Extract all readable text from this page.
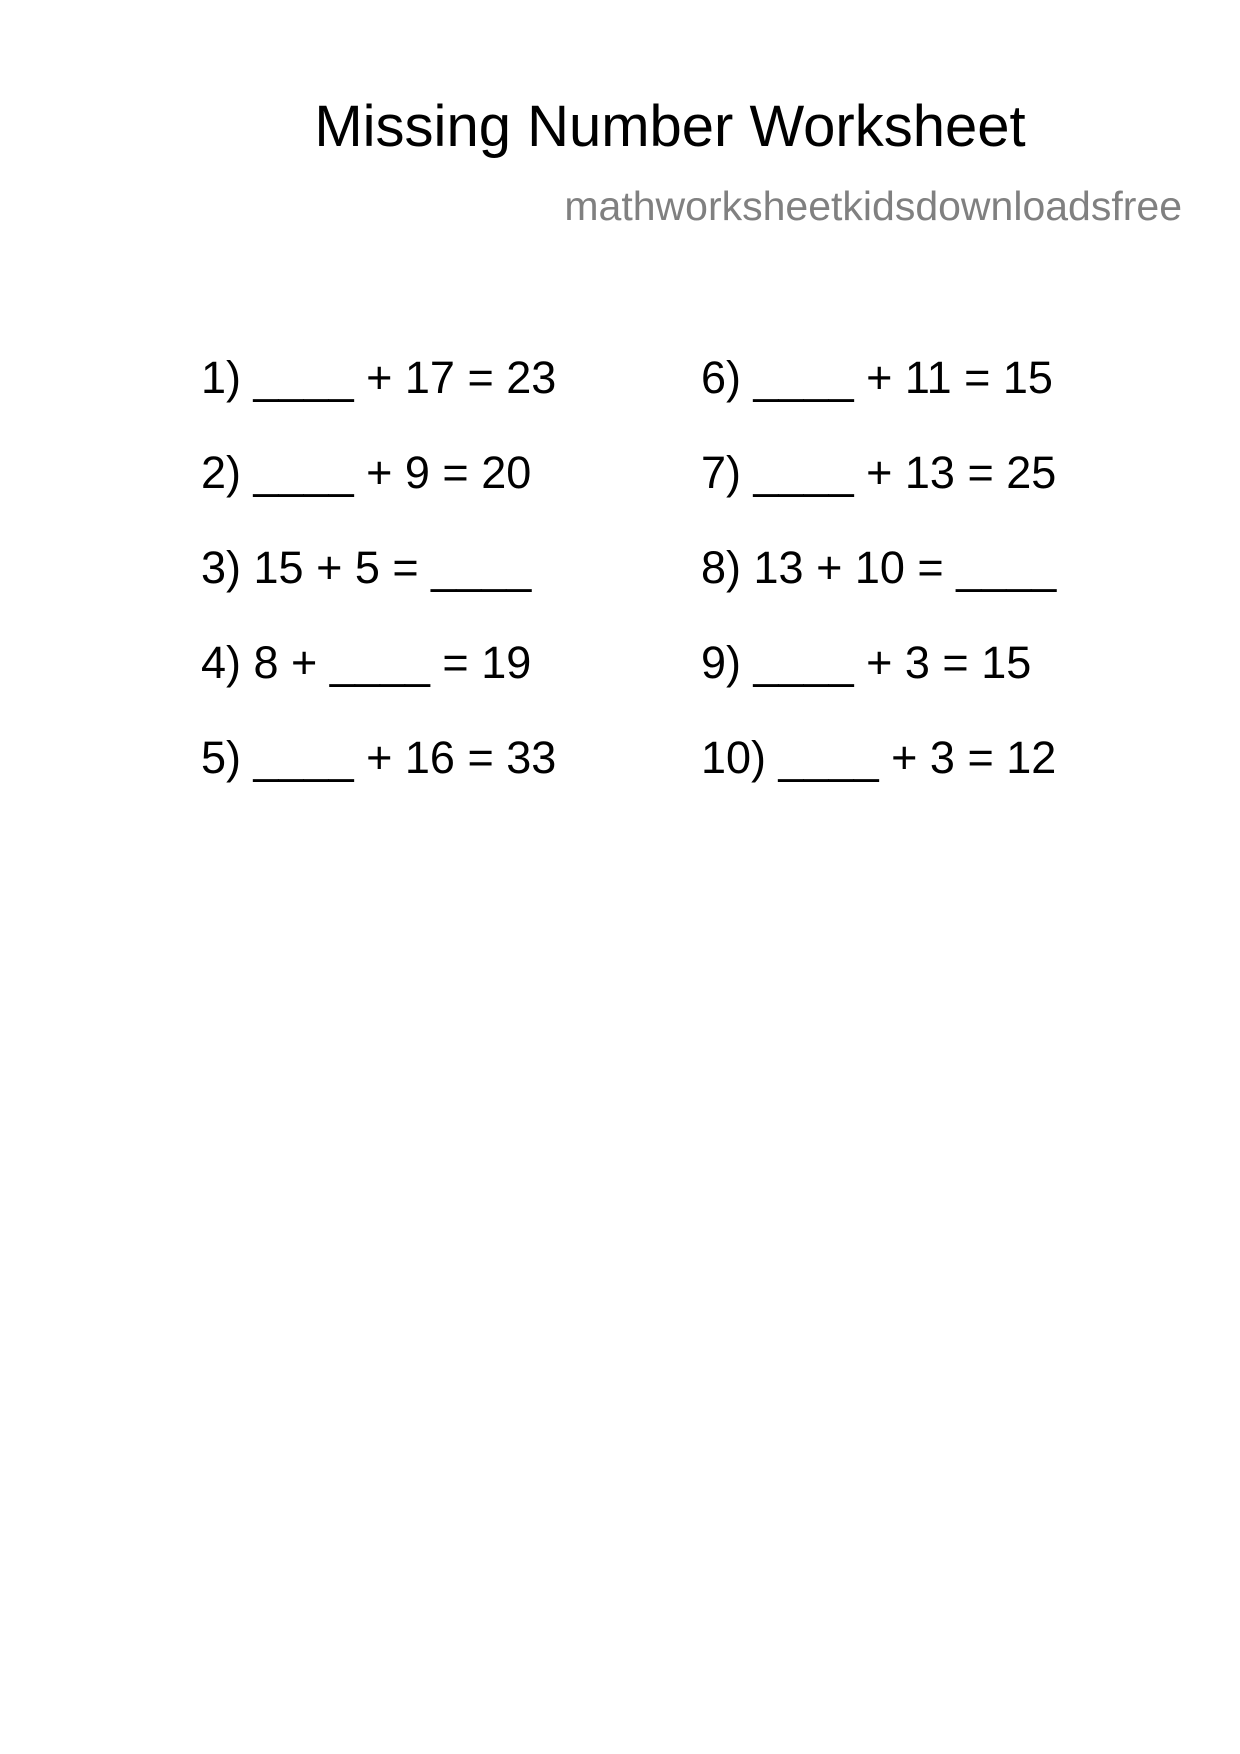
Missing Number Worksheet
mathworksheetkidsdownloadsfree
1) ____ + 17 = 23	6) ____ + 11 = 15
2) ____ + 9 = 20	7) ____ + 13 = 25
3) 15 + 5 = ____	8) 13 + 10 = ____
4) 8 + ____ = 19	9) ____ + 3 = 15
5) ____ + 16 = 33	10) ____ + 3 = 12
